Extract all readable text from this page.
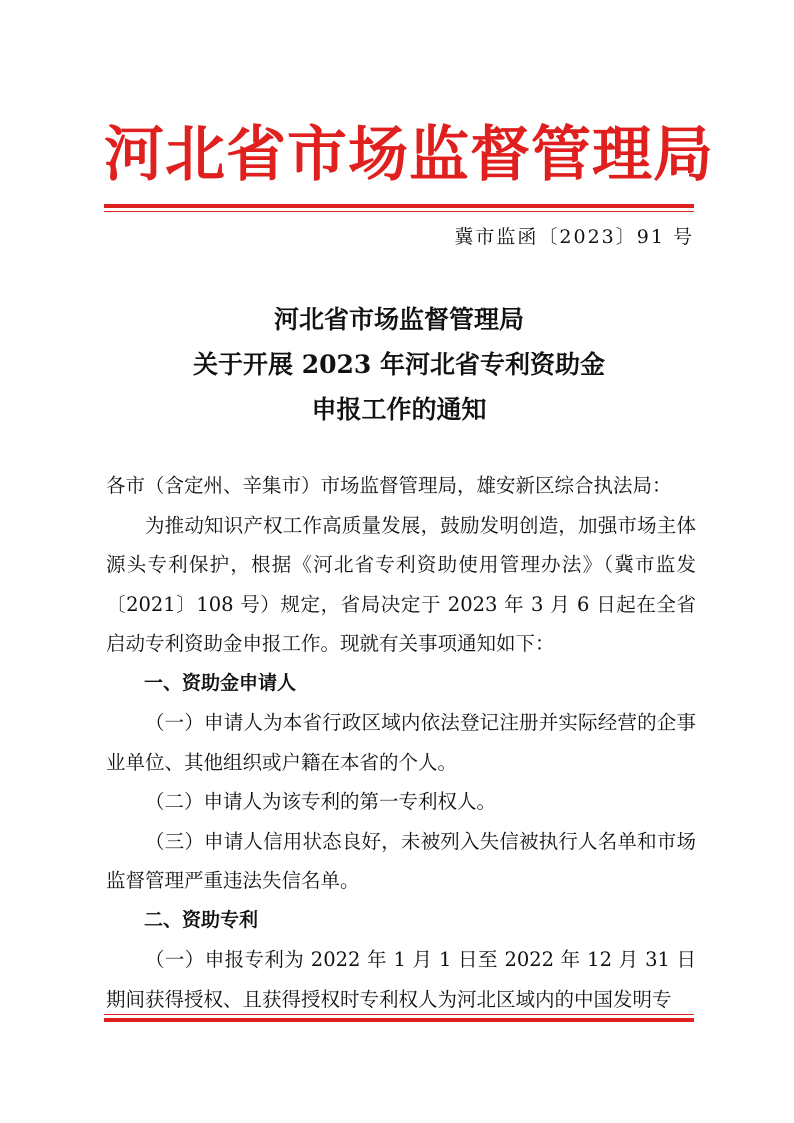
河北省市场监督管理局
冀市监函〔2023〕91 号
河北省市场监督管理局
关于开展 2023 年河北省专利资助金
申报工作的通知

各市（含定州、辛集市）市场监督管理局，雄安新区综合执法局：

为推动知识产权工作高质量发展，鼓励发明创造，加强市场主体源头专利保护，根据《河北省专利资助使用管理办法》（冀市监发〔2021〕108 号）规定，省局决定于 2023 年 3 月 6 日起在全省启动专利资助金申报工作。现就有关事项通知如下：

一、资助金申请人

（一）申请人为本省行政区域内依法登记注册并实际经营的企事业单位、其他组织或户籍在本省的个人。

（二）申请人为该专利的第一专利权人。

（三）申请人信用状态良好，未被列入失信被执行人名单和市场监督管理严重违法失信名单。

二、资助专利

（一）申报专利为 2022 年 1 月 1 日至 2022 年 12 月 31 日期间获得授权、且获得授权时专利权人为河北区域内的中国发明专
